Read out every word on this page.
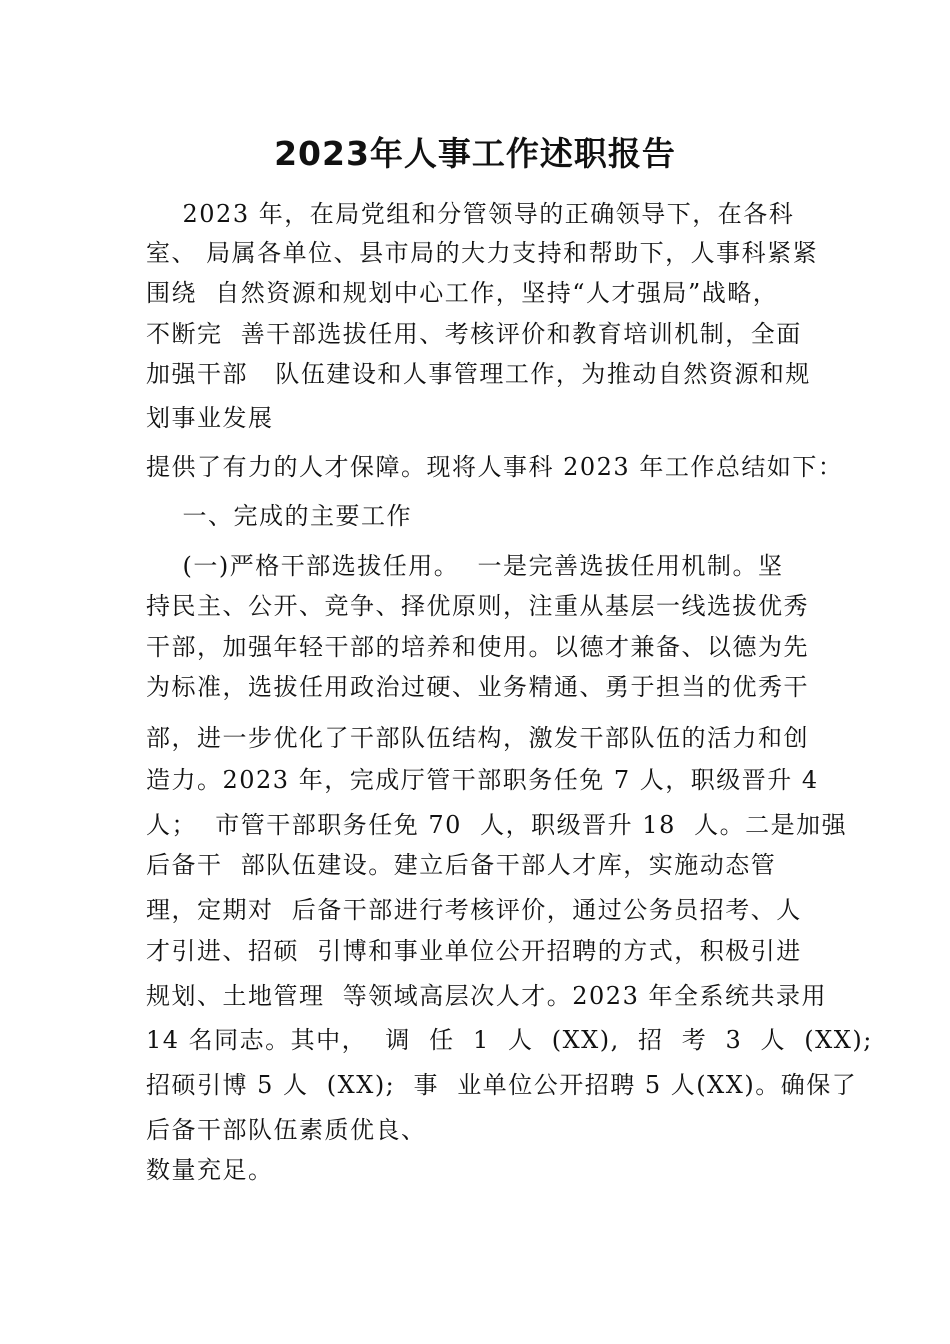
2023年人事工作述职报告
2023 年，在局党组和分管领导的正确领导下，在各科
室、 局属各单位、县市局的大力支持和帮助下，人事科紧紧
围绕  自然资源和规划中心工作，坚持“人才强局”战略，
不断完  善干部选拔任用、考核评价和教育培训机制，全面
加强干部   队伍建设和人事管理工作，为推动自然资源和规
划事业发展
提供了有力的人才保障。现将人事科 2023 年工作总结如下：
一、完成的主要工作
(一)严格干部选拔任用。  一是完善选拔任用机制。坚
持民主、公开、竞争、择优原则，注重从基层一线选拔优秀
干部，加强年轻干部的培养和使用。以德才兼备、以德为先
为标准，选拔任用政治过硬、业务精通、勇于担当的优秀干
部，进一步优化了干部队伍结构，激发干部队伍的活力和创
造力。2023 年，完成厅管干部职务任免 7 人，职级晋升 4
人；  市管干部职务任免 70  人，职级晋升 18  人。二是加强
后备干  部队伍建设。建立后备干部人才库，实施动态管
理，定期对  后备干部进行考核评价，通过公务员招考、人
才引进、招硕  引博和事业单位公开招聘的方式，积极引进
规划、土地管理  等领域高层次人才。2023 年全系统共录用
14 名同志。其中，  调  任  1  人  (XX),  招  考  3  人  (XX);
招硕引博 5 人  (XX);  事  业单位公开招聘 5 人(XX)。确保了
后备干部队伍素质优良、
数量充足。
